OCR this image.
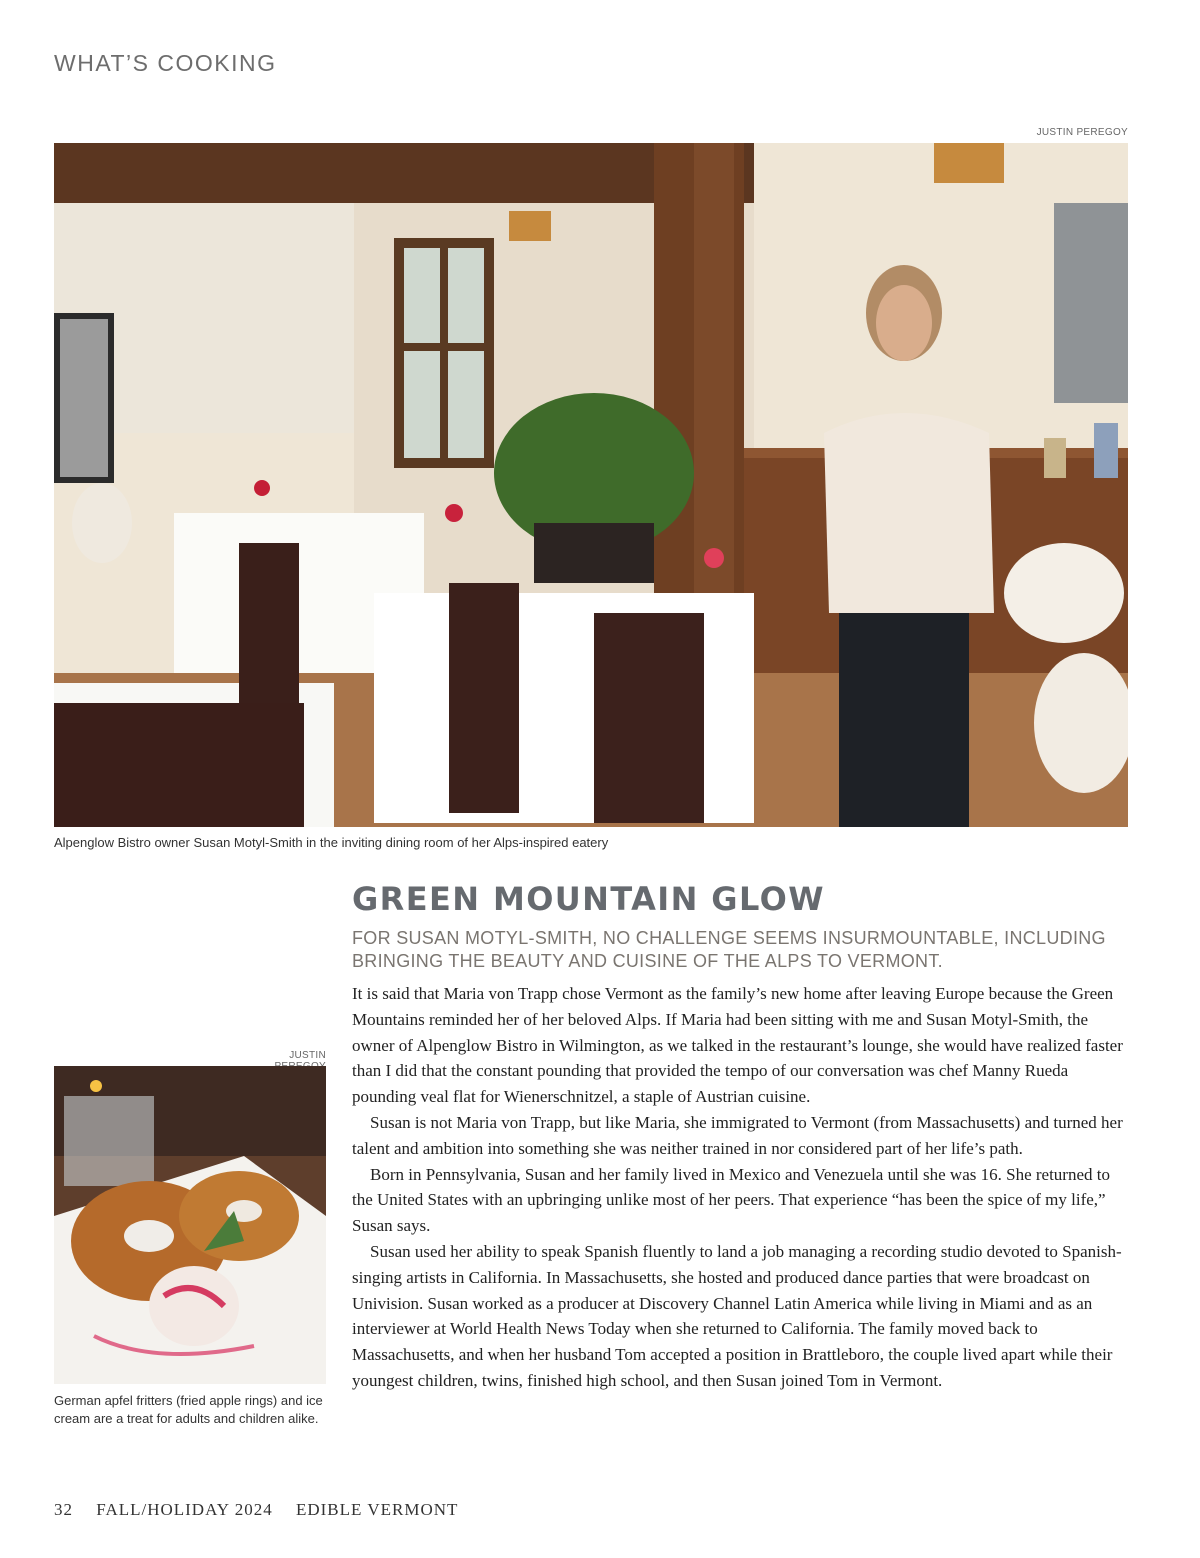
WHAT’S COOKING
JUSTIN PEREGOY
Alpenglow Bistro owner Susan Motyl-Smith in the inviting dining room of her Alps-inspired eatery
GREEN MOUNTAIN GLOW
FOR SUSAN MOTYL-SMITH, NO CHALLENGE SEEMS INSURMOUNTABLE, INCLUDING BRINGING THE BEAUTY AND CUISINE OF THE ALPS TO VERMONT.
JUSTIN
German apfel fritters (fried apple rings) and ice cream are a treat for adults and children alike.

It is said that Maria von Trapp chose Vermont as the family’s new home after leaving Europe because the Green Mountains reminded her of her beloved Alps. If Maria had been sitting with me and Susan Motyl-Smith, the owner of Alpenglow Bistro in Wilmington, as we talked in the restaurant’s lounge, she would have realized faster than I did that the constant pounding that provided the tempo of our conversation was chef Manny Rueda pounding veal flat for Wienerschnitzel, a staple of Austrian cuisine.

Susan is not Maria von Trapp, but like Maria, she immigrated to Vermont (from Massachusetts) and turned her talent and ambition into something she was neither trained in nor considered part of her life’s path.

Born in Pennsylvania, Susan and her family lived in Mexico and Venezuela until she was 16. She returned to the United States with an upbringing unlike most of her peers. That experience “has been the spice of my life,” Susan says.

Susan used her ability to speak Spanish fluently to land a job managing a recording studio devoted to Spanish-singing artists in California. In Massachusetts, she hosted and produced dance parties that were broadcast on Univision. Susan worked as a producer at Discovery Channel Latin America while living in Miami and as an interviewer at World Health News Today when she returned to California. The family moved back to Massachusetts, and when her husband Tom accepted a position in Brattleboro, the couple lived apart while their youngest children, twins, finished high school, and then Susan joined Tom in Vermont.

32 FALL/HOLIDAY 2024 EDIBLE VERMONT
